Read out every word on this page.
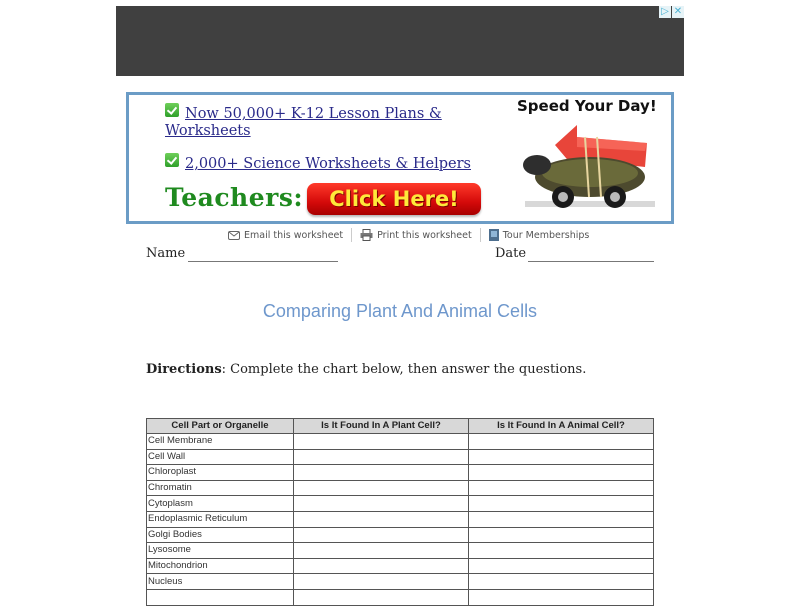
▷ ✕
Now 50,000+ K-12 Lesson Plans &
Worksheets
2,000+ Science Worksheets & Helpers
Teachers:	Click Here!
Speed Your Day!
Email this worksheet	Print this worksheet	Tour Memberships
Name	Date
Comparing Plant And Animal Cells
Directions: Complete the chart below, then answer the questions.
Cell Part or Organelle	Is It Found In A Plant Cell?	Is It Found In A Animal Cell?
Cell Membrane		
Cell Wall		
Chloroplast		
Chromatin		
Cytoplasm		
Endoplasmic Reticulum		
Golgi Bodies		
Lysosome		
Mitochondrion		
Nucleus		
